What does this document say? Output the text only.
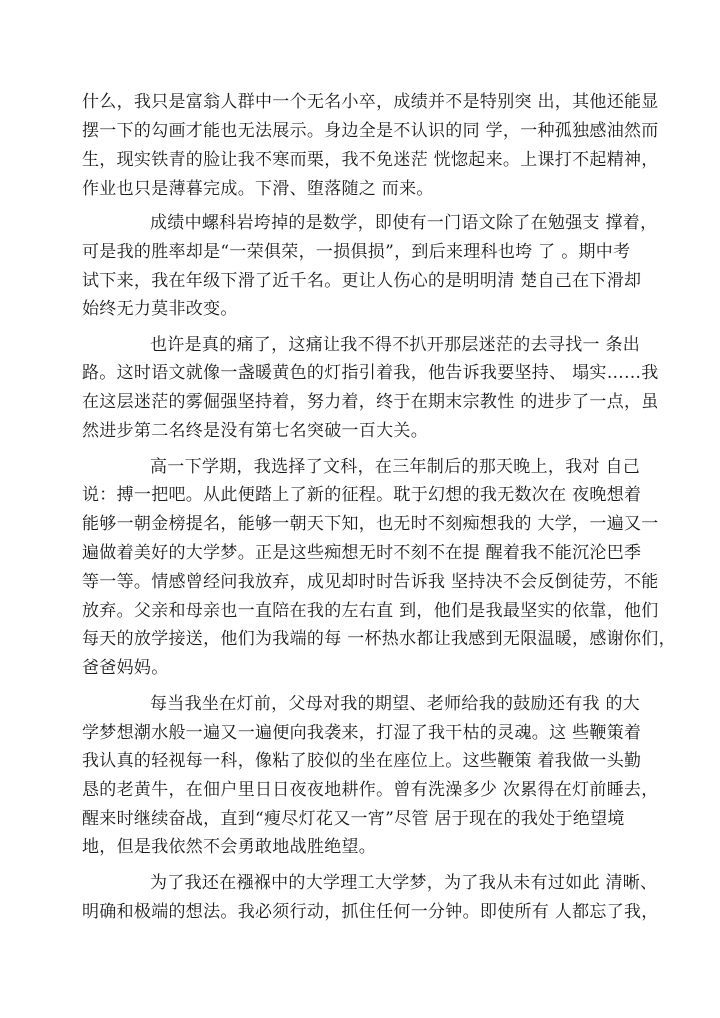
什么，我只是富翁人群中一个无名小卒，成绩并不是特别突 出，其他还能显

摆一下的勾画才能也无法展示。身边全是不认识的同 学，一种孤独感油然而

生，现实铁青的脸让我不寒而栗，我不免迷茫 恍惚起来。上课打不起精神，

作业也只是薄暮完成。下滑、堕落随之 而来。

成绩中螺科岩垮掉的是数学，即使有一门语文除了在勉强支 撑着，

可是我的胜率却是“一荣俱荣，一损俱损”，到后来理科也垮 了 。期中考

试下来，我在年级下滑了近千名。更让人伤心的是明明清 楚自己在下滑却

始终无力莫非改变。

也许是真的痛了，这痛让我不得不扒开那层迷茫的去寻找一 条出

路。这时语文就像一盏暖黄色的灯指引着我，他告诉我要坚持、 塌实……我

在这层迷茫的雾倔强坚持着，努力着，终于在期末宗教性 的进步了一点，虽

然进步第二名终是没有第七名突破一百大关。

高一下学期，我选择了文科，在三年制后的那天晚上，我对 自己

说：搏一把吧。从此便踏上了新的征程。耽于幻想的我无数次在 夜晚想着

能够一朝金榜提名，能够一朝天下知，也无时不刻痴想我的 大学，一遍又一

遍做着美好的大学梦。正是这些痴想无时不刻不在提 醒着我不能沉沦巴季

等一等。情感曾经问我放弃，成见却时时告诉我 坚持决不会反倒徒劳，不能

放弃。父亲和母亲也一直陪在我的左右直 到，他们是我最坚实的依靠，他们

每天的放学接送，他们为我端的每 一杯热水都让我感到无限温暖，感谢你们，

爸爸妈妈。

每当我坐在灯前，父母对我的期望、老师给我的鼓励还有我 的大

学梦想潮水般一遍又一遍便向我袭来，打湿了我干枯的灵魂。这 些鞭策着

我认真的轻视每一科，像粘了胶似的坐在座位上。这些鞭策 着我做一头勤

恳的老黄牛，在佃户里日日夜夜地耕作。曾有洗澡多少 次累得在灯前睡去，

醒来时继续奋战，直到“瘦尽灯花又一宵”尽管 居于现在的我处于绝望境

地，但是我依然不会勇敢地战胜绝望。

为了我还在襁褓中的大学理工大学梦，为了我从未有过如此 清晰、

明确和极端的想法。我必须行动，抓住任何一分钟。即使所有 人都忘了我，
